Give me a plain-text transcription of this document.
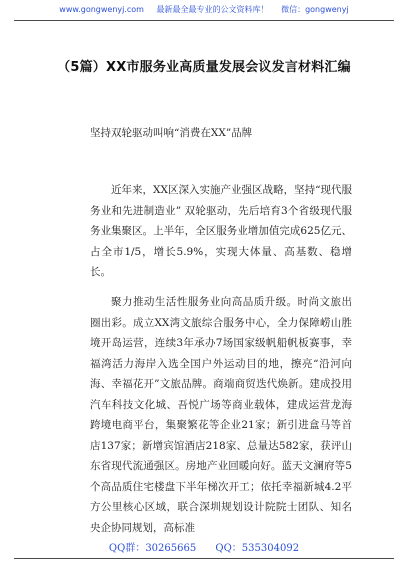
www.gongwenyj.com 最新最全最专业的公文资料库！ 微信：gongwenyj
（5篇）XX市服务业高质量发展会议发言材料汇编
坚持双轮驱动叫响“消费在XX”品牌

近年来，XX区深入实施产业强区战略，坚持“现代服务业和先进制造业” 双轮驱动，先后培育3个省级现代服务业集聚区。上半年，全区服务业增加值完成625亿元、占全市1/5，增长5.9%，实现大体量、高基数、稳增长。

聚力推动生活性服务业向高品质升级。时尚文旅出圈出彩。成立XX湾文旅综合服务中心，全力保障崂山胜境开岛运营，连续3年承办7场国家级帆船帆板赛事，幸福湾活力海岸入选全国户外运动目的地，擦亮“沿河向海、幸福花开”文旅品牌。商端商贸迭代焕新。建成投用汽车科技文化城、吾悦广场等商业载体，建成运营龙海跨境电商平台，集聚繁花等企业21家；新引进盒马等首店137家；新增宾馆酒店218家、总量达582家，获评山东省现代流通强区。房地产业回暖向好。蓝天文澜府等5个高品质住宅楼盘下半年梯次开工；依托幸福新城4.2平方公里核心区域，联合深圳规划设计院院士团队、知名央企协同规划，高标准

QQ群：30265665 QQ：535304092
